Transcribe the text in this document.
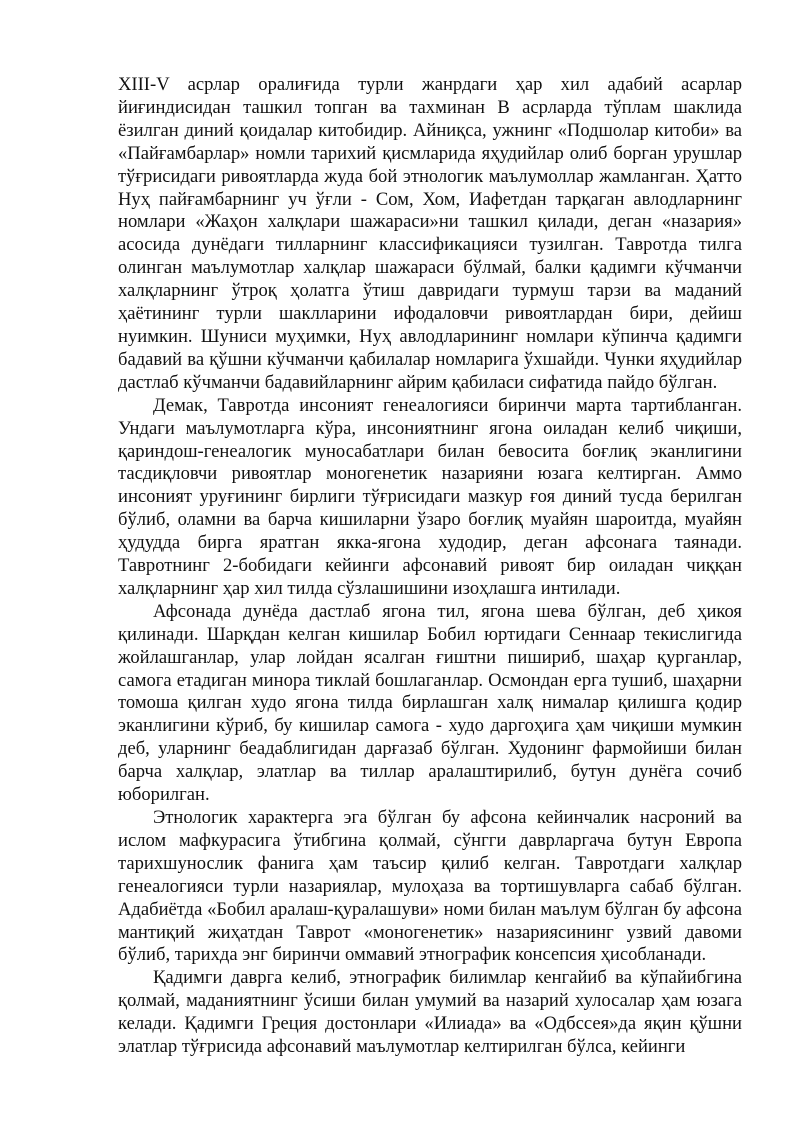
XIII-V асрлар оралиғида турли жанрдаги ҳар хил адабий асарлар йиғиндисидан ташкил топган ва тахминан В асрларда тўплам шаклида ёзилган диний қоидалар китобидир. Айниқса, ужнинг «Подшолар китоби» ва «Пайғамбарлар» номли тарихий қисмларида яҳудийлар олиб борган урушлар тўғрисидаги ривоятларда жуда бой этнологик маълумоллар жамланган. Ҳатто Нуҳ пайғамбарнинг уч ўғли - Сом, Хом, Иафетдан тарқаган авлодларнинг номлари «Жаҳон халқлари шажараси»ни ташкил қилади, деган «назария» асосида дунёдаги тилларнинг классификацияси тузилган. Тавротда тилга олинган маълумотлар халқлар шажараси бўлмай, балки қадимги кўчманчи халқларнинг ўтроқ ҳолатга ўтиш давридаги турмуш тарзи ва маданий ҳаётининг турли шаклларини ифодаловчи ривоятлардан бири, дейиш нуимкин. Шуниси муҳимки, Нуҳ авлодларининг номлари кўпинча қадимги бадавий ва қўшни кўчманчи қабилалар номларига ўхшайди. Чунки яҳудийлар дастлаб кўчманчи бадавийларнинг айрим қабиласи сифатида пайдо бўлган.

Демак, Тавротда инсоният генеалогияси биринчи марта тартибланган. Ундаги маълумотларга кўра, инсониятнинг ягона оиладан келиб чиқиши, қариндош-генеалогик муносабатлари билан бевосита боғлиқ эканлигини тасдиқловчи ривоятлар моногенетик назарияни юзага келтирган. Аммо инсоният уруғининг бирлиги тўғрисидаги мазкур ғоя диний тусда берилган бўлиб, оламни ва барча кишиларни ўзаро боғлиқ муайян шароитда, муайян ҳудудда бирга яратган якка-ягона худодир, деган афсонага таянади. Тавротнинг 2-бобидаги кейинги афсонавий ривоят бир оиладан чиққан халқларнинг ҳар хил тилда сўзлашишини изоҳлашга интилади.

Афсонада дунёда дастлаб ягона тил, ягона шева бўлган, деб ҳикоя қилинади. Шарқдан келган кишилар Бобил юртидаги Сеннаар текислигида жойлашганлар, улар лойдан ясалган ғиштни пишириб, шаҳар қурганлар, самога етадиган минора тиклай бошлаганлар. Осмондан ерга тушиб, шаҳарни томоша қилган худо ягона тилда бирлашган халқ нималар қилишга қодир эканлигини кўриб, бу кишилар самога - худо даргоҳига ҳам чиқиши мумкин деб, уларнинг беадаблигидан дарғазаб бўлган. Худонинг фармойиши билан барча халқлар, элатлар ва тиллар аралаштирилиб, бутун дунёга сочиб юборилган.

Этнологик характерга эга бўлган бу афсона кейинчалик насроний ва ислом мафкурасига ўтибгина қолмай, сўнгги даврларгача бутун Европа тарихшунослик фанига ҳам таъсир қилиб келган. Тавротдаги халқлар генеалогияси турли назариялар, мулоҳаза ва тортишувларга сабаб бўлган. Адабиётда «Бобил аралаш-қуралашуви» номи билан маълум бўлган бу афсона мантиқий жиҳатдан Таврот «моногенетик» назариясининг узвий давоми бўлиб, тарихда энг биринчи оммавий этнографик консепсия ҳисобланади.

Қадимги даврга келиб, этнографик билимлар кенгайиб ва кўпайибгина қолмай, маданиятнинг ўсиши билан умумий ва назарий хулосалар ҳам юзага келади. Қадимги Греция достонлари «Илиада» ва «Одбссея»да яқин қўшни элатлар тўғрисида афсонавий маълумотлар келтирилган бўлса, кейинги
